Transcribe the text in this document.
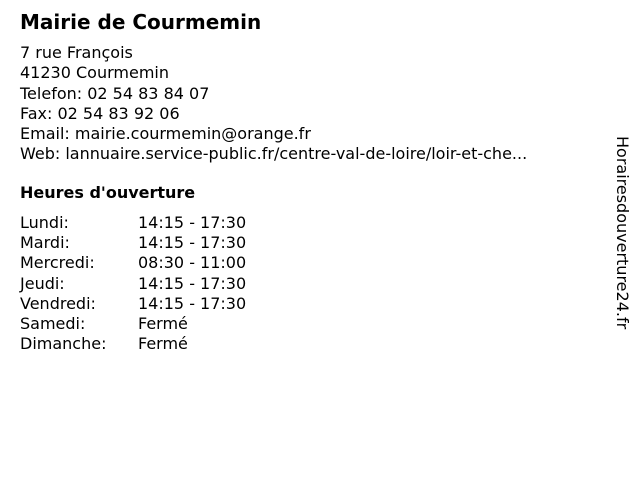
Mairie de Courmemin
7 rue François
41230 Courmemin
Telefon: 02 54 83 84 07
Fax: 02 54 83 92 06
Email: mairie.courmemin@orange.fr
Web: lannuaire.service-public.fr/centre-val-de-loire/loir-et-che...
Heures d'ouverture
Lundi:	14:15 - 17:30
Mardi:	14:15 - 17:30
Mercredi:	08:30 - 11:00
Jeudi:	14:15 - 17:30
Vendredi:	14:15 - 17:30
Samedi:	Fermé
Dimanche:	Fermé
Horairesdouverture24.fr
